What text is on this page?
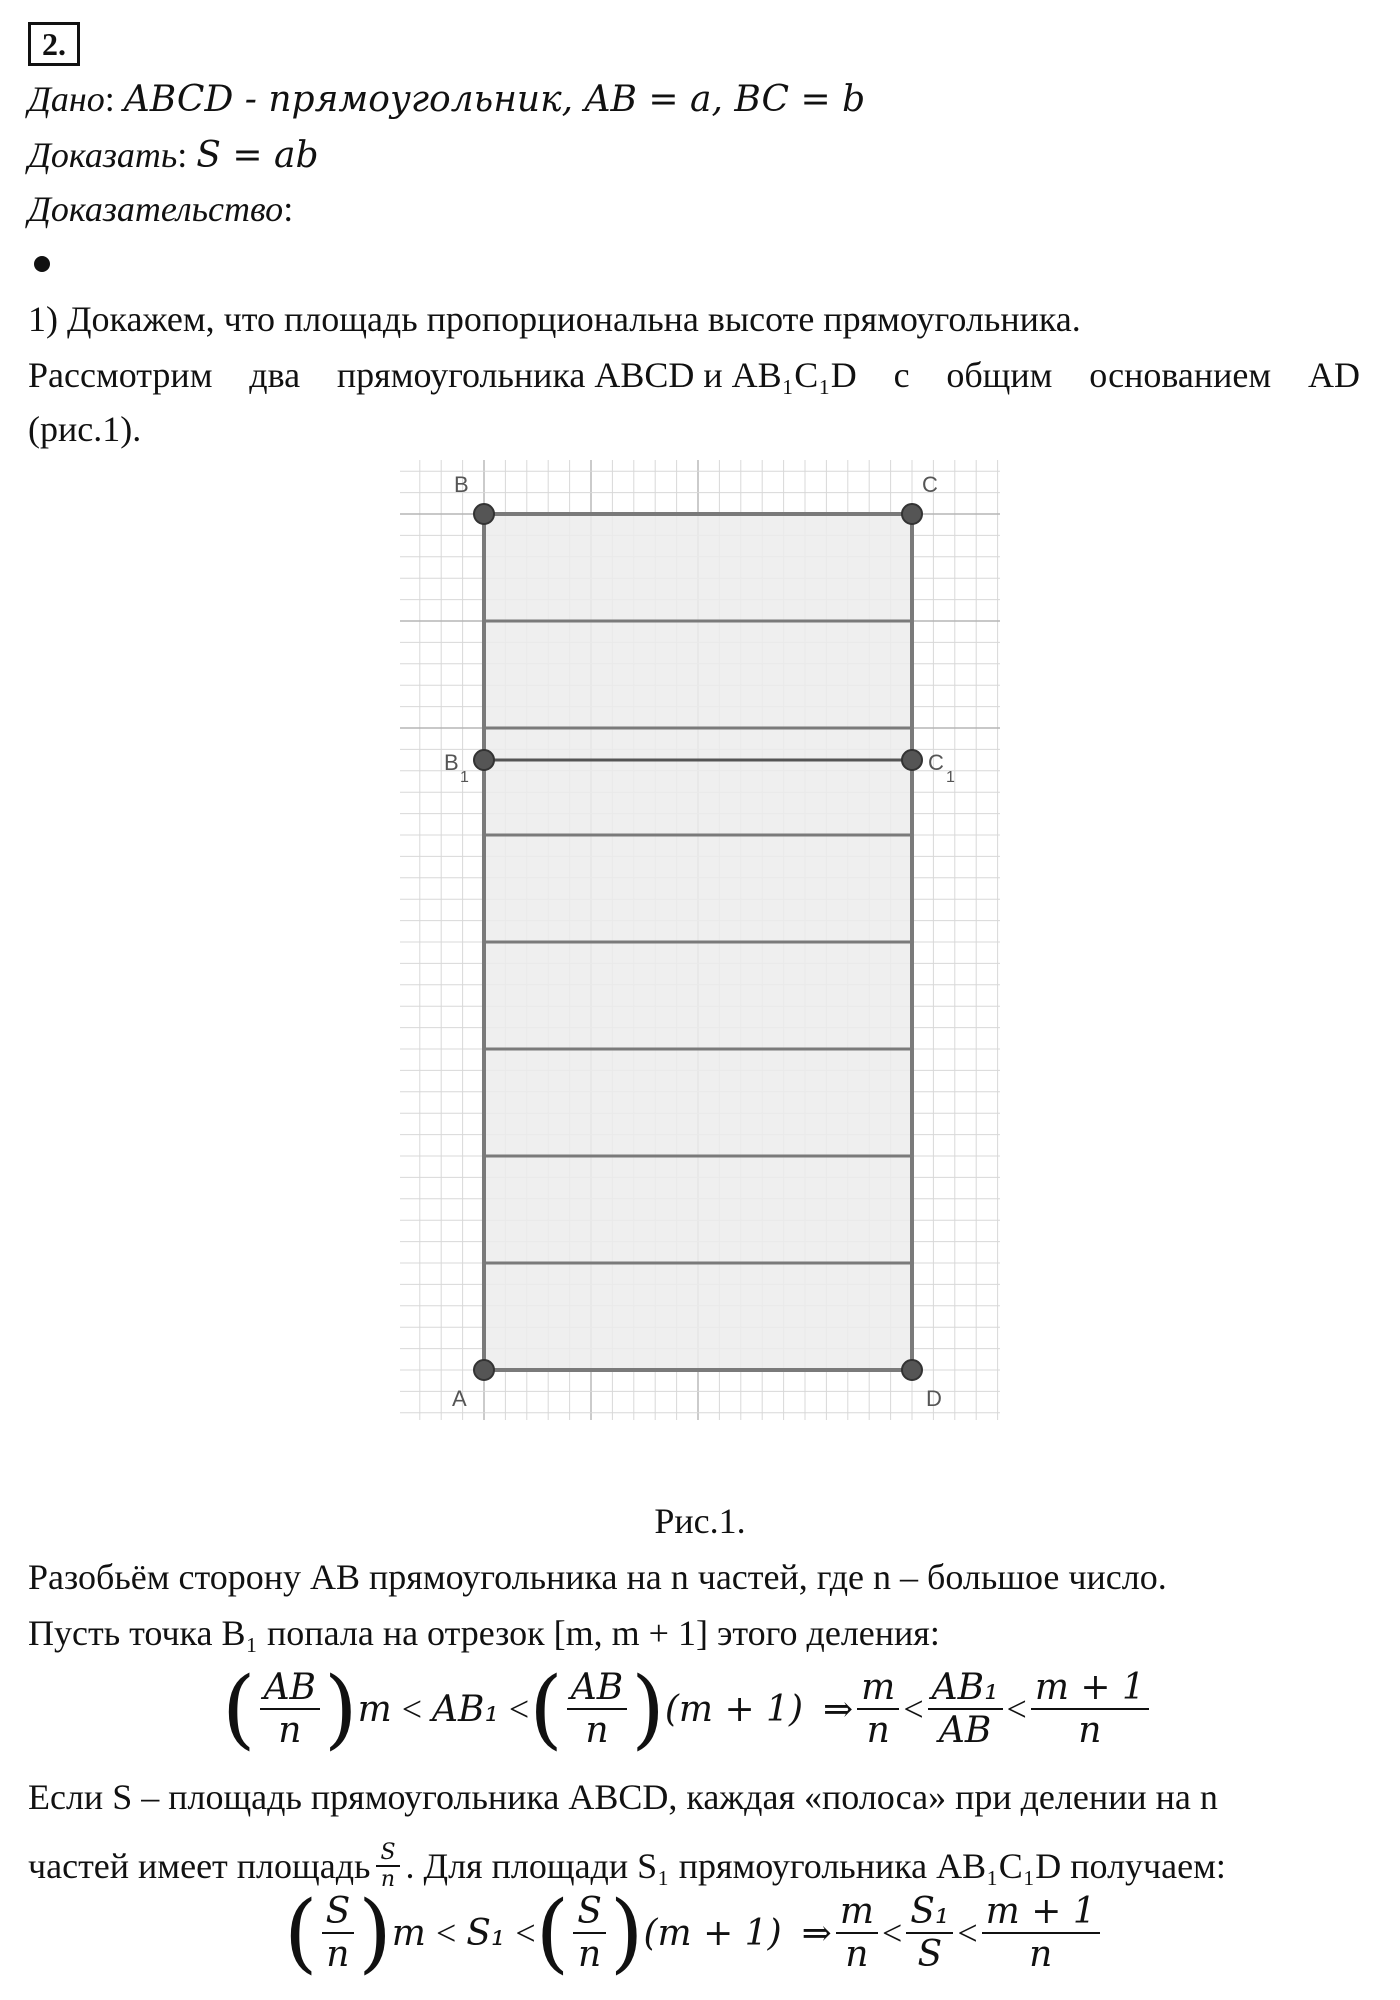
2.
Дано: ABCD - прямоугольник, AB = a, BC = b
Доказать: S = ab
Доказательство:
1) Докажем, что площадь пропорциональна высоте прямоугольника.
Рассмотрим два прямоугольника ABCD и AB₁C₁D с общим основанием AD
(рис.1).
B	C
B
1
C
1
A	D
Рис.1.
Разобьём сторону AB прямоугольника на n частей, где n – большое число.
Пусть точка B₁ попала на отрезок [m, m + 1] этого деления:
( $\frac{AB}{n}$ ) m < AB₁ < ( $\frac{AB}{n}$ ) (m + 1) ⇒ $\frac{m}{n} < \frac{\text{AB₁}}{AB} < \frac{m + 1}{n}$
Если S – площадь прямоугольника ABCD, каждая «полоса» при делении на n
частей имеет площадь $\frac{S}{n}$ . Для площади S₁ прямоугольника AB₁C₁D получаем:
( $\frac{S}{n}$ ) m < S₁ < ( $\frac{S}{n}$ ) (m + 1) ⇒ $\frac{m}{n} < \frac{\text{S₁}}{S} < \frac{m + 1}{n}$
